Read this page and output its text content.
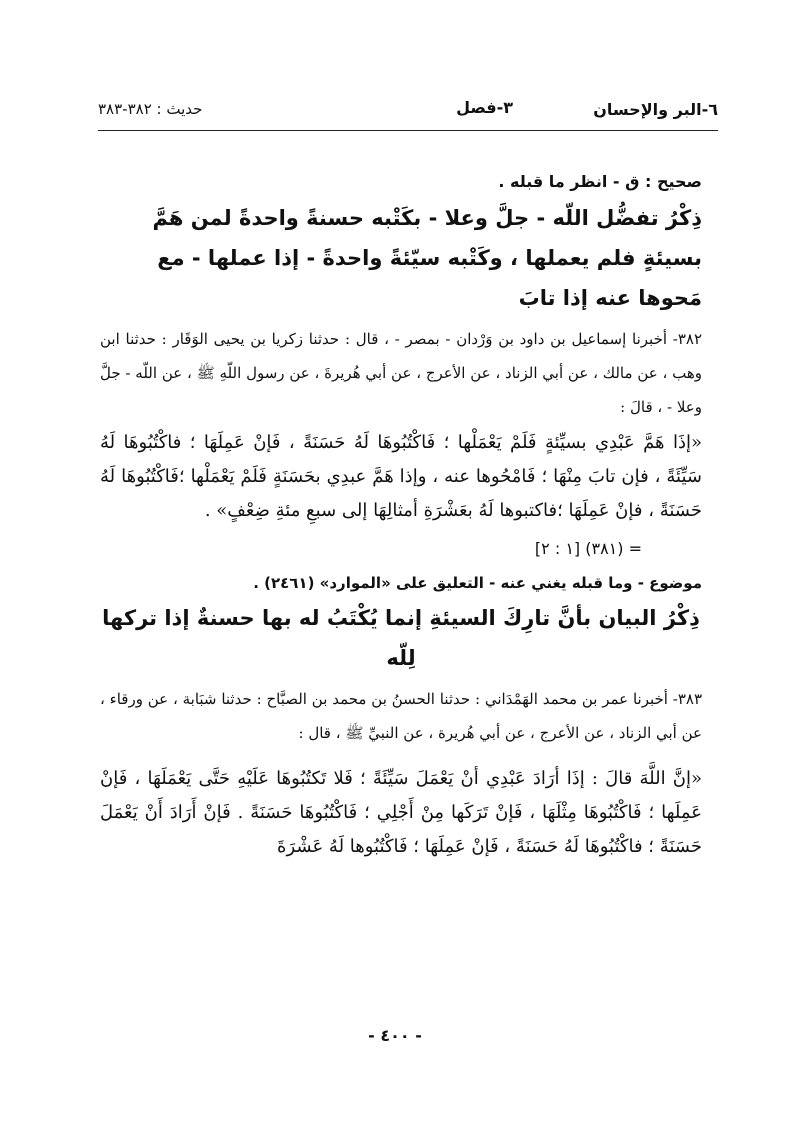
٦-البر والإحسان
٣-فصل
حديث : ٣٨٢-٣٨٣

صحيح : ق - انظر ما قبله .

ذِكْرُ تفضُّل اللّه - جلَّ وعلا - بكَتْبه حسنةً واحدةً لمن هَمَّ بسيئةٍ فلم يعملها ، وكَتْبه سيّئةً واحدةً - إذا عملها - مع مَحوها عنه إذا تابَ

٣٨٢- أخبرنا إسماعيل بن داود بن وَرْدان - بمصر - ، قال : حدثنا زكريا بن يحيى الوَقَار : حدثنا ابن وهب ، عن مالك ، عن أبي الزناد ، عن الأعرج ، عن أبي هُريرةَ ، عن رسول اللّهِ ﷺ ، عن اللّه - جلَّ وعلا - ، قالَ :

«إذَا هَمَّ عَبْدِي بسيِّئةٍ فَلَمْ يَعْمَلْها ؛ فَاكْتُبُوهَا لَهُ حَسَنَةً ، فَإنْ عَمِلَهَا ؛ فاكْتُبُوهَا لَهُ سَيِّئَةً ، فإن تابَ مِنْهَا ؛ فَامْحُوها عنه ، وإذا هَمَّ عبدِي بحَسَنَةٍ فَلَمْ يَعْمَلْها ؛فَاكْتُبُوهَا لَهُ حَسَنَةً ، فإنْ عَمِلَهَا ؛فاكتبوها لَهُ بعَشْرَةِ أمثالِهَا إلى سبعِ مئةِ ضِعْفٍ» .

= (٣٨١) [١ : ٢]

موضوع - وما قبله يغني عنه - التعليق على «الموارد» (٢٤٦١) .

ذِكْرُ البيان بأنَّ تارِكَ السيئةِ إنما يُكْتَبُ له بها حسنةٌ إذا تركها لِلّه

٣٨٣- أخبرنا عمر بن محمد الهَمْدَاني : حدثنا الحسنُ بن محمد بن الصبَّاح : حدثنا شبَابة ، عن ورقاء ، عن أبي الزناد ، عن الأعرج ، عن أبي هُريرة ، عن النبيِّ ﷺ ، قال :

«إنَّ اللَّهَ قالَ : إذَا أرَادَ عَبْدِي أنْ يَعْمَلَ سَيِّئَةً ؛ فَلا تَكتُبُوهَا عَلَيْهِ حَتَّى يَعْمَلَهَا ، فَإنْ عَمِلَها ؛ فَاكْتُبُوهَا مِثْلَهَا ، فَإنْ تَرَكَها مِنْ أَجْلِي ؛ فَاكْتُبُوهَا حَسَنَةً . فَإنْ أَرَادَ أَنْ يَعْمَلَ حَسَنَةً ؛ فاكْتُبُوهَا لَهُ حَسَنَةً ، فَإنْ عَمِلَهَا ؛ فَاكْتُبُوها لَهُ عَشْرَةَ

- ٤٠٠ -
